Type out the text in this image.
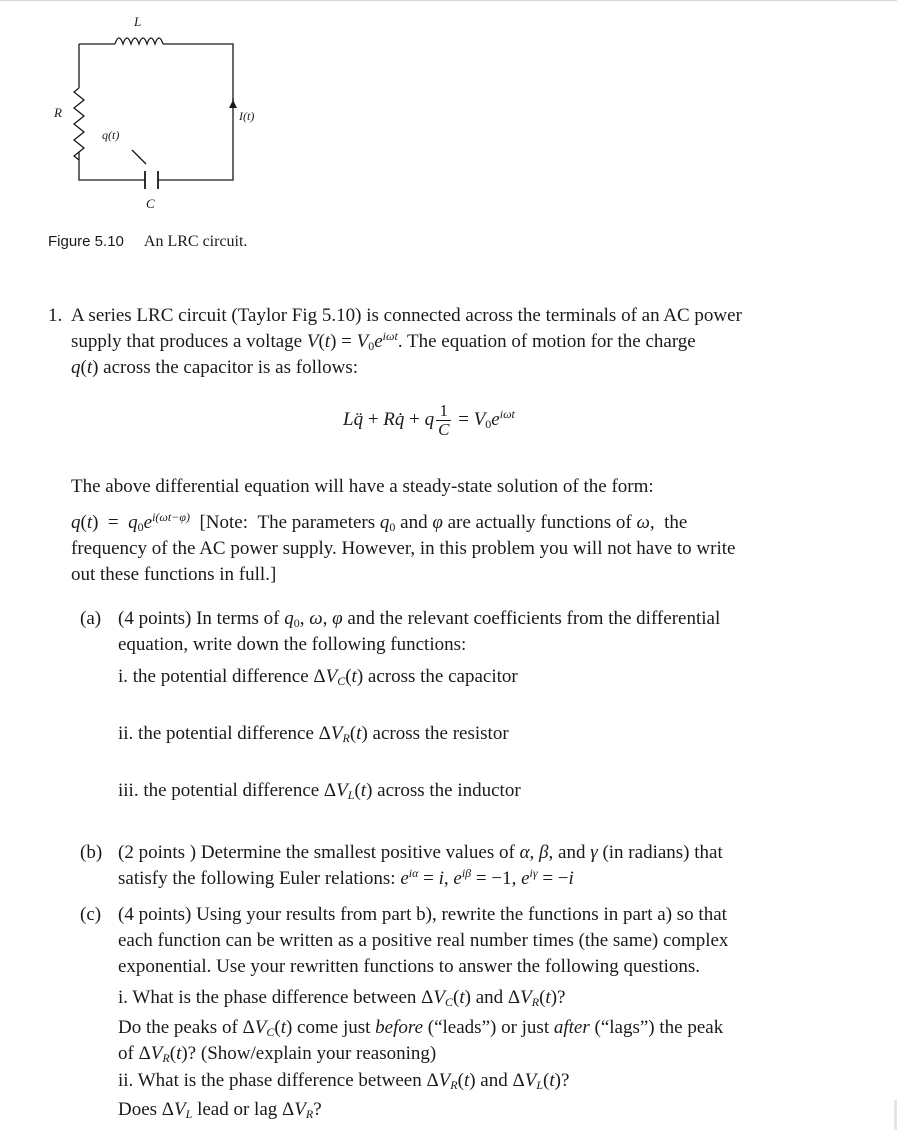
L
R
q(t)
I(t)
C
Figure 5.10 An LRC circuit.
1. A series LRC circuit (Taylor Fig 5.10) is connected across the terminals of an AC power
supply that produces a voltage $V(t) = V_0e^{i\omega t}$. The equation of motion for the charge
q(t) across the capacitor is as follows:
Lq̈ + Rq̇ + q $\frac{1}{C} = V_0e^{i\omega t}$
The above differential equation will have a steady-state solution of the form:
$q(t) = q_0e^{i(\omega t-\varphi)}$  [Note:  The parameters $q_0$ and φ are actually functions of ω,  the
frequency of the AC power supply. However, in this problem you will not have to write
out these functions in full.]
(a) (4 points) In terms of $q_0$, ω, φ and the relevant coefficients from the differential
equation, write down the following functions:
i. the potential difference $\Delta V_C(t)$ across the capacitor
ii. the potential difference $\Delta V_R(t)$ across the resistor
iii. the potential difference $\Delta V_L(t)$ across the inductor
(b) (2 points ) Determine the smallest positive values of α, β, and γ (in radians) that
satisfy the following Euler relations: $e^{i\alpha} = i$, $e^{i\beta} = -1$, $e^{i\gamma} = -i$
(c) (4 points) Using your results from part b), rewrite the functions in part a) so that
each function can be written as a positive real number times (the same) complex
exponential. Use your rewritten functions to answer the following questions.
i. What is the phase difference between $\Delta V_C(t)$ and $\Delta V_R(t)$?
Do the peaks of $\Delta V_C(t)$ come just before (“leads”) or just after (“lags”) the peak
of $\Delta V_R(t)$? (Show/explain your reasoning)
ii. What is the phase difference between $\Delta V_R(t)$ and $\Delta V_L(t)$?
Does $\Delta V_L$ lead or lag $\Delta V_R$?
